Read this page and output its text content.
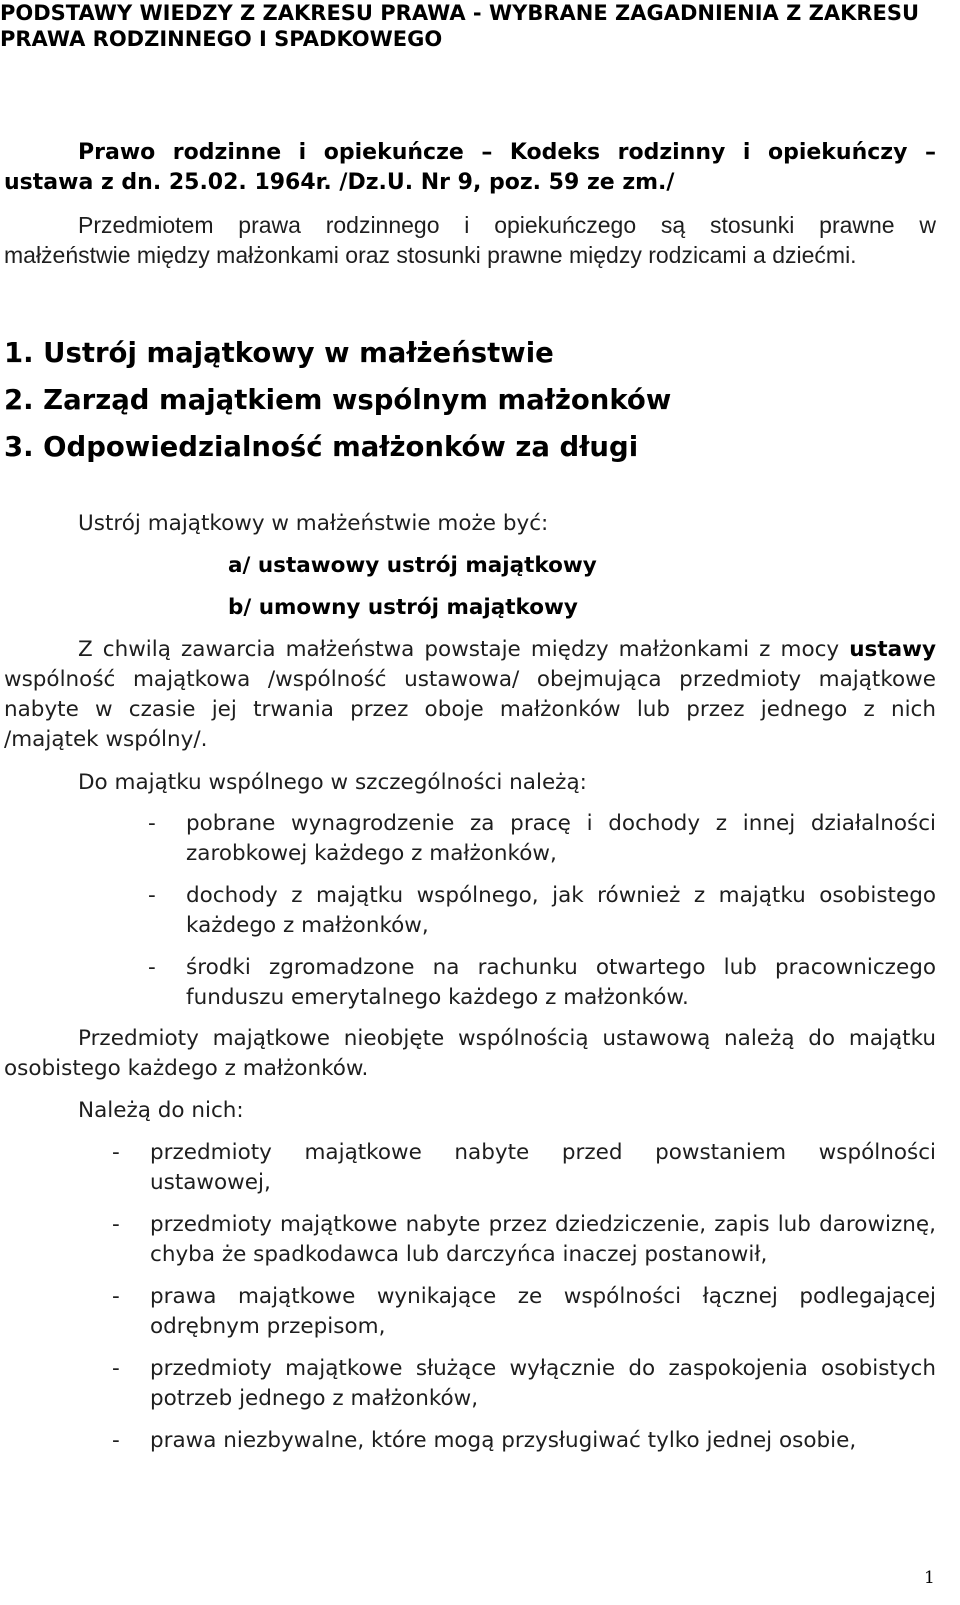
PODSTAWY WIEDZY Z ZAKRESU PRAWA - WYBRANE ZAGADNIENIA Z ZAKRESU
PRAWA RODZINNEGO I SPADKOWEGO
Prawo rodzinne i opiekuńcze – Kodeks rodzinny i opiekuńczy –
ustawa z dn. 25.02. 1964r. /Dz.U. Nr 9, poz. 59 ze zm./
Przedmiotem prawa rodzinnego i opiekuńczego są stosunki prawne w
małżeństwie między małżonkami oraz stosunki prawne między rodzicami a dziećmi.
1. Ustrój majątkowy w małżeństwie
2. Zarząd majątkiem wspólnym małżonków
3. Odpowiedzialność małżonków za długi
Ustrój majątkowy w małżeństwie może być:
a/ ustawowy ustrój majątkowy
b/ umowny ustrój majątkowy
Z chwilą zawarcia małżeństwa powstaje między małżonkami z mocy ustawy
wspólność majątkowa /wspólność ustawowa/ obejmująca przedmioty majątkowe
nabyte w czasie jej trwania przez oboje małżonków lub przez jednego z nich
/majątek wspólny/.
Do majątku wspólnego w szczególności należą:
- pobrane wynagrodzenie za pracę i dochody z innej działalności
zarobkowej każdego z małżonków,
- dochody z majątku wspólnego, jak również z majątku osobistego
każdego z małżonków,
- środki zgromadzone na rachunku otwartego lub pracowniczego
funduszu emerytalnego każdego z małżonków.
Przedmioty majątkowe nieobjęte wspólnością ustawową należą do majątku
osobistego każdego z małżonków.
Należą do nich:
- przedmioty majątkowe nabyte przed powstaniem wspólności
ustawowej,
- przedmioty majątkowe nabyte przez dziedziczenie, zapis lub darowiznę,
chyba że spadkodawca lub darczyńca inaczej postanowił,
- prawa majątkowe wynikające ze wspólności łącznej podlegającej
odrębnym przepisom,
- przedmioty majątkowe służące wyłącznie do zaspokojenia osobistych
potrzeb jednego z małżonków,
- prawa niezbywalne, które mogą przysługiwać tylko jednej osobie,
1
